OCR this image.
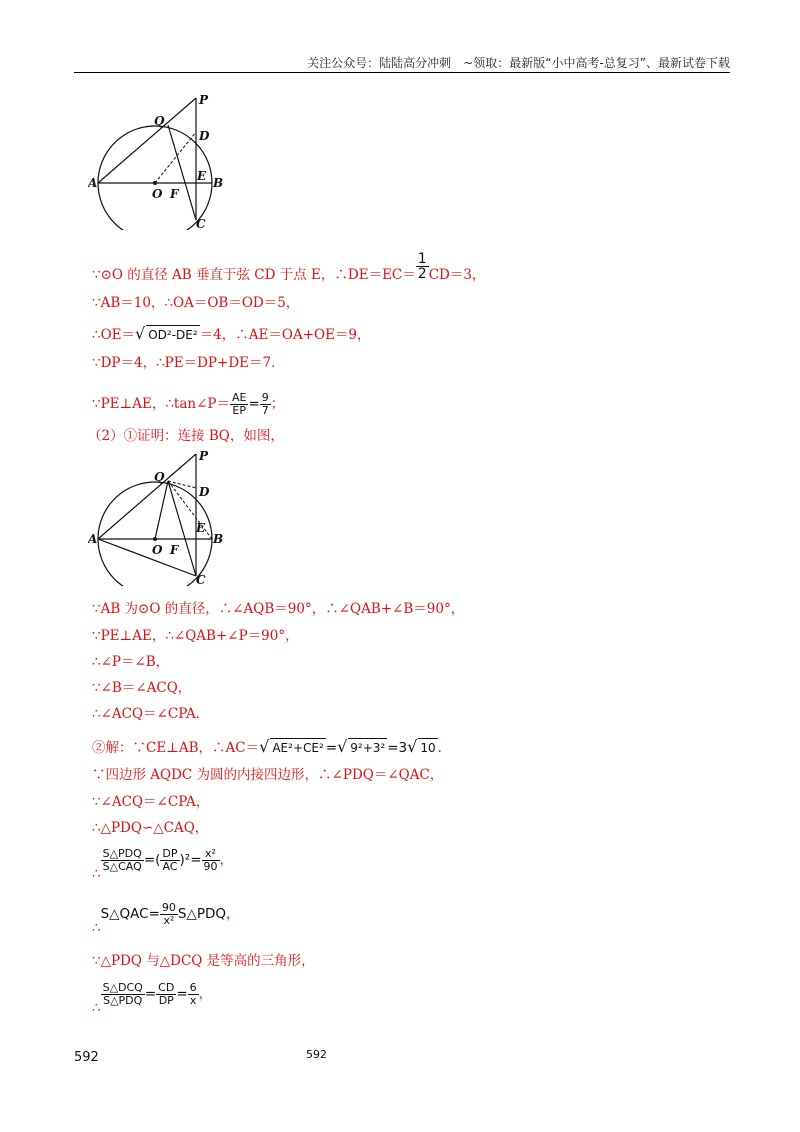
关注公众号：陆陆高分冲刺　~领取：最新版“小中高考-总复习”、最新试卷下载
P
Q
D
A	E B
O F
C
∵⊙O 的直径 AB 垂直于弦 CD 于点 E，∴DE＝EC＝ $\frac{1}{2} CD=3$，
∵AB＝10，∴OA＝OB＝OD＝5，
∴OE＝√ OD²-DE² ＝4，∴AE＝OA+OE＝9，
∵DP＝4，∴PE＝DP+DE＝7．
∵PE⊥AE，∴tan∠P＝ $\frac{AE}{EP} = \frac{9}{7}$ ；
（2）①证明：连接 BQ，如图，
P
Q
D
A
E
B
O F
C
∵AB 为⊙O 的直径，∴∠AQB＝90°，∴∠QAB+∠B＝90°，
∵PE⊥AE，∴∠QAB+∠P＝90°，
∴∠P＝∠B，
∵∠B＝∠ACQ，
∴∠ACQ＝∠CPA．
②解：∵CE⊥AB，∴AC＝√ AE²+CE² =√ 9²+3² =3√ 10 ．
∵四边形 AQDC 为圆的内接四边形，∴∠PDQ＝∠QAC，
∵∠ACQ＝∠CPA，
∴△PDQ∽△CAQ，
∴
$\frac{\text{S△PDQ}}{\text{S△CAQ}}$ =( $\frac{DP}{AC} )^2= \frac{\text{x²}}{90}$ ，
∴S△QAC= $\frac{90}{\text{x²}}$ S△PDQ，
∵△PDQ 与△DCQ 是等高的三角形，
∴
$\frac{\text{S△DCQ}}{\text{S△PDQ}} = \frac{CD}{DP} = \frac{6}{x}$ ，
592	592
